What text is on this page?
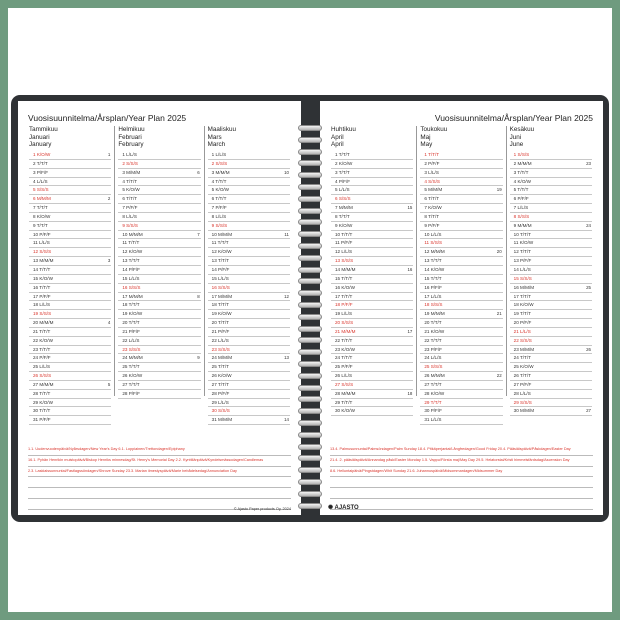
Vuosisuunnitelma/Årsplan/Year Plan 2025
Tammikuu
Januari
January
1 K/O/W	1
2 T/T/T
3 P/F/F
4 L/L/S
5 S/S/S
6 M/M/M	2
7 T/T/T
8 K/O/W
9 T/T/T
10 P/F/F
11 L/L/S
12 S/S/S
13 M/M/M	3
14 T/T/T
15 K/O/W
16 T/T/T
17 P/F/F
18 L/L/S
19 S/S/S
20 M/M/M	4
21 T/T/T
22 K/O/W
23 T/T/T
24 P/F/F
25 L/L/S
26 S/S/S
27 M/M/M	5
28 T/T/T
29 K/O/W
30 T/T/T
31 P/F/F
Helmikuu
Februari
February
1 L/L/S
2 S/S/S
3 M/M/M	6
4 T/T/T
5 K/O/W
6 T/T/T
7 P/F/F
8 L/L/S
9 S/S/S
10 M/M/M	7
11 T/T/T
12 K/O/W
13 T/T/T
14 P/F/F
15 L/L/S
16 S/S/S
17 M/M/M	8
18 T/T/T
19 K/O/W
20 T/T/T
21 P/F/F
22 L/L/S
23 S/S/S
24 M/M/M	9
25 T/T/T
26 K/O/W
27 T/T/T
28 P/F/F
Maaliskuu
Mars
March
1 L/L/S
2 S/S/S
3 M/M/M	10
4 T/T/T
5 K/O/W
6 T/T/T
7 P/F/F
8 L/L/S
9 S/S/S
10 M/M/M	11
11 T/T/T
12 K/O/W
13 T/T/T
14 P/F/F
15 L/L/S
16 S/S/S
17 M/M/M	12
18 T/T/T
19 K/O/W
20 T/T/T
21 P/F/F
22 L/L/S
23 S/S/S
24 M/M/M	13
25 T/T/T
26 K/O/W
27 T/T/T
28 P/F/F
29 L/L/S
30 S/S/S
31 M/M/M	14
1.1. Uudenvuodenpäivä/Nyårsdagen/New Year's Day 6.1. Loppiainen/Trettondagen/Epiphany
16.1. Pyhän Henrikin muistopäivä/Biskop Henriks minnesdag/St. Henry's Memorial Day 2.2. Kynttilänpäivä/Kyndelsmässodagen/Candlemas
2.3. Laskiaissunnuntai/Fastlagssöndagen/Shrove Sunday 23.3. Marian ilmestyspäivä/Marie bebådelsedag/Annunciation Day
© Ajasto Paper products Oy, 2024
Vuosisuunnitelma/Årsplan/Year Plan 2025
Huhtikuu
April
April
1 T/T/T
2 K/O/W
3 T/T/T
4 P/F/F
5 L/L/S
6 S/S/S
7 M/M/M	15
8 T/T/T
9 K/O/W
10 T/T/T
11 P/F/F
12 L/L/S
13 S/S/S
14 M/M/M	16
15 T/T/T
16 K/O/W
17 T/T/T
18 P/F/F
19 L/L/S
20 S/S/S
21 M/M/M	17
22 T/T/T
23 K/O/W
24 T/T/T
25 P/F/F
26 L/L/S
27 S/S/S
28 M/M/M	18
29 T/T/T
30 K/O/W
Toukokuu
Maj
May
1 T/T/T
2 P/F/F
3 L/L/S
4 S/S/S
5 M/M/M	19
6 T/T/T
7 K/O/W
8 T/T/T
9 P/F/F
10 L/L/S
11 S/S/S
12 M/M/M	20
13 T/T/T
14 K/O/W
15 T/T/T
16 P/F/F
17 L/L/S
18 S/S/S
19 M/M/M	21
20 T/T/T
21 K/O/W
22 T/T/T
23 P/F/F
24 L/L/S
25 S/S/S
26 M/M/M	22
27 T/T/T
28 K/O/W
29 T/T/T
30 P/F/F
31 L/L/S
Kesäkuu
Juni
June
1 S/S/S
2 M/M/M	23
3 T/T/T
4 K/O/W
5 T/T/T
6 P/F/F
7 L/L/S
8 S/S/S
9 M/M/M	24
10 T/T/T
11 K/O/W
12 T/T/T
13 P/F/F
14 L/L/S
15 S/S/S
16 M/M/M	25
17 T/T/T
18 K/O/W
19 T/T/T
20 P/F/F
21 L/L/S
22 S/S/S
23 M/M/M	26
24 T/T/T
25 K/O/W
26 T/T/T
27 P/F/F
28 L/L/S
29 S/S/S
30 M/M/M	27
13.4. Palmusunnuntai/Palmsöndagen/Palm Sunday 18.4. Pitkäperjantai/Långfredagen/Good Friday 20.4. Pääsiäispäivä/Påskdagen/Easter Day
21.4. 2. pääsiäispäivä/Annandag påsk/Easter Monday 1.5. Vappu/Första maj/May Day 29.5. Helatorstai/Kristi himmelsfärdsdag/Ascension Day
8.6. Helluntaipäivä/Pingstdagen/Whit Sunday 21.6. Juhannuspäivä/Midsommardagen/Midsummer Day
✺ AJASTO
